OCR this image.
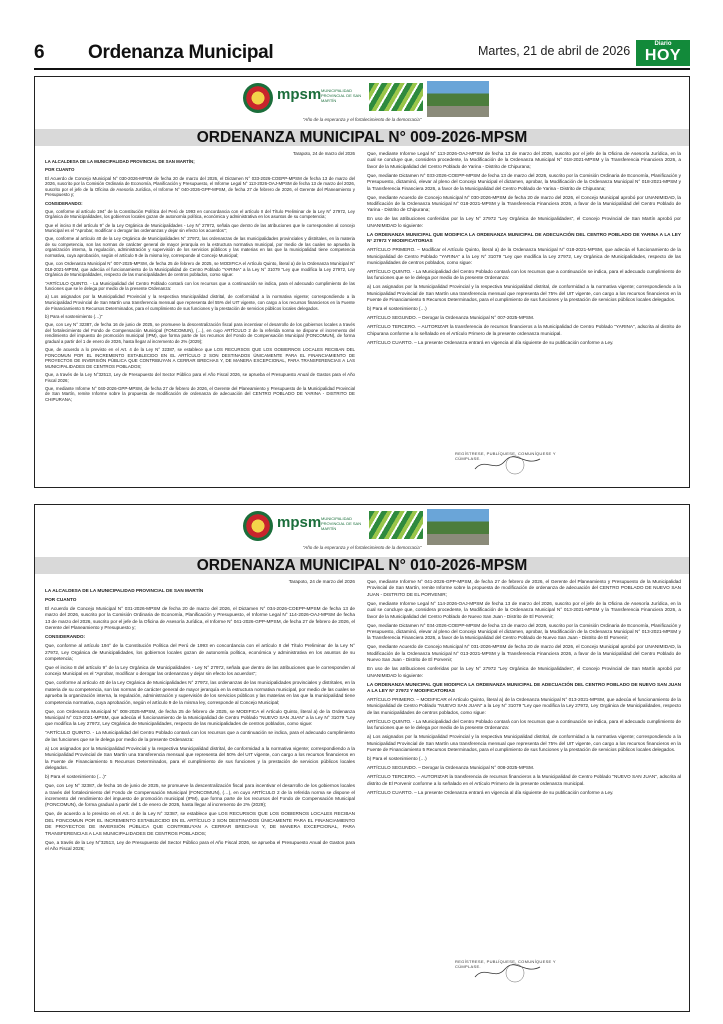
6 Ordenanza Municipal	Martes, 21 de abril de 2026	Diario
HOY
mpsm MUNICIPALIDAD PROVINCIAL DE SAN MARTÍN
"Año de la esperanza y el fortalecimiento de la democracia"
ORDENANZA MUNICIPAL N° 009-2026-MPSM

Tarapoto, 24 de marzo del 2026

LA ALCALDESA DE LA MUNICIPALIDAD PROVINCIAL DE SAN MARTÍN;

POR CUANTO

El Acuerdo de Concejo Municipal N° 030-2026-MPSM de fecha 20 de marzo del 2026, el Dictamen N° 033-2026-COEPP-MPSM de fecha 13 de marzo del 2026, suscrito por la Comisión Ordinaria de Economía, Planificación y Presupuesto, el Informe Legal N° 113-2026-OAJ-MPSM de fecha 13 de marzo del 2026, suscrito por el jefe de la Oficina de Asesoría Jurídica, el Informe N° 040-2026-GPP-MPSM, de fecha 27 de febrero de 2026, el Gerente del Planeamiento y Presupuesto y;

CONSIDERANDO:

Que, conforme al artículo 194° de la Constitución Política del Perú de 1993 en concordancia con el artículo II del Título Preliminar de la Ley N° 27972, Ley Orgánica de Municipalidades, los gobiernos locales gozan de autonomía política, económica y administrativa en los asuntos de su competencia;

Que el inciso 8 del artículo 9° de la Ley Orgánica de Municipalidades - Ley N° 27972, señala que dentro de las atribuciones que le corresponden al concejo Municipal es el "Aprobar, modificar o derogar las ordenanzas y dejar sin efecto los acuerdos";

Que, conforme al artículo 40 de la Ley Orgánica de Municipalidades N° 27972, las ordenanzas de las municipalidades provinciales y distritales, en la materia de su competencia, son las normas de carácter general de mayor jerarquía en la estructura normativa municipal, por medio de las cuales se aprueba la organización interna, la regulación, administración y supervisión de los servicios públicos y las materias en las que la municipalidad tiene competencia normativa, cuya aprobación, según el artículo 9 de la misma ley, corresponde al Concejo Municipal;

Que, con Ordenanza Municipal N° 007-2025-MPSM, de fecha 25 de febrero de 2025, se MODIFICA el Artículo Quinto, literal a) de la Ordenanza Municipal N° 018-2021-MPSM, que adecúa el funcionamiento de la Municipalidad de Centro Poblado "YARINA" a la Ley N° 31079 "Ley que modifica la Ley 27972, Ley Orgánica de Municipalidades, respecto de las municipalidades de centros poblados, como sigue:

"ARTÍCULO QUINTO. - La Municipalidad del Centro Poblado contará con los recursos que a continuación se indica, para el adecuado cumplimiento de las funciones que se le delega por medio de la presente Ordenanza:

a) Los asignados por la Municipalidad Provincial y la respectiva Municipalidad distrital, de conformidad a la normativa vigente; correspondiendo a la Municipalidad Provincial de San Martín una transferencia mensual que representa del 55% del UIT vigente, con cargo a los recursos financieros en la Fuente de Financiamiento 5 Recursos Determinados, para el cumplimiento de sus funciones y la prestación de servicios públicos locales delegados.

b) Para el sostenimiento (…)"

Que, con Ley N° 32387, de fecha 16 de junio de 2025, se promueve la descentralización fiscal para incentivar el desarrollo de los gobiernos locales a través del fortalecimiento del Fondo de Compensación Municipal (FONCOMUN), (…), en cuyo ARTÍCULO 2 de la referida norma se dispone el incremento del rendimiento del impuesto de promoción municipal (IPM), que forma parte de los recursos del Fondo de Compensación Municipal (FONCOMUN), de forma gradual a partir del 1 de enero de 2026, hasta llegar al incremento de 2% (2029);

Que, de acuerdo a lo previsto en el Art. 4 de la Ley N° 32387, se establece que LOS RECURSOS QUE LOS GOBIERNOS LOCALES RECIBAN DEL FONCOMUN POR EL INCREMENTO ESTABLECIDO EN EL ARTÍCULO 2 SON DESTINADOS ÚNICAMENTE PARA EL FINANCIAMIENTO DE PROYECTOS DE INVERSIÓN PÚBLICA QUE CONTRIBUYAN A CERRAR BRECHAS Y, DE MANERA EXCEPCIONAL, PARA TRANSFERENCIAS A LAS MUNICIPALIDADES DE CENTROS POBLADOS;

Que, a través de la Ley N°32513, Ley de Presupuesto del Sector Público para el Año Fiscal 2026, se aprueba el Presupuesto Anual de Gastos para el Año Fiscal 2026;

Que, mediante Informe N° 040-2026-GPP-MPSM, de fecha 27 de febrero de 2026, el Gerente del Planeamiento y Presupuesto de la Municipalidad Provincial de San Martín, remite Informe sobre la propuesta de modificación de ordenanza de adecuación del CENTRO POBLADO DE YARINA - DISTRITO DE CHIPURANA;

Que, mediante Informe Legal N° 113-2026-OAJ-MPSM de fecha 13 de marzo del 2026, suscrito por el jefe de la Oficina de Asesoría Jurídica, en la cual se concluye que, considera procedente, la Modificación de la Ordenanza Municipal N° 018-2021-MPSM y la Transferencia Financiera 2026, a favor de la Municipalidad del Centro Poblado de Yarina - Distrito de Chipurana;

Que, mediante Dictamen N° 033-2026-COEPP-MPSM de fecha 13 de marzo del 2026, suscrito por la Comisión Ordinaria de Economía, Planificación y Presupuesto, dictaminó, elevar al pleno del Concejo Municipal el dictamen, aprobar, la Modificación de la Ordenanza Municipal N° 018-2021-MPSM y la Transferencia Financiera 2026, a favor de la Municipalidad del Centro Poblado de Yarina - Distrito de Chipurana;

Que, mediante Acuerdo de Concejo Municipal N° 030-2026-MPSM de fecha 20 de marzo del 2026, el Concejo Municipal aprobó por UNANIMIDAD, la Modificación de la Ordenanza Municipal N° 018-2021-MPSM y la Transferencia Financiera 2026, a favor de la Municipalidad del Centro Poblado de Yarina - Distrito de Chipurana;

En uso de las atribuciones conferidas por la Ley N° 27972 "Ley Orgánica de Municipalidades", el Concejo Provincial de San Martín aprobó por UNANIMIDAD lo siguiente:

LA ORDENANZA MUNICIPAL QUE MODIFICA LA ORDENANZA MUNICIPAL DE ADECUACIÓN DEL CENTRO POBLADO DE YARINA A LA LEY N° 27972 Y MODIFICATORIAS

ARTÍCULO PRIMERO. – Modificar el Artículo Quinto, literal a) de la Ordenanza Municipal N° 018-2021-MPSM, que adecúa el funcionamiento de la Municipalidad de Centro Poblado "YARINA" a la Ley N° 31079 "Ley que modifica la Ley 27972, Ley Orgánica de Municipalidades, respecto de las municipalidades de centros poblados, como sigue:

ARTÍCULO QUINTO. - La Municipalidad del Centro Poblado contará con los recursos que a continuación se indica, para el adecuado cumplimiento de las funciones que se le delega por medio de la presente Ordenanza:

a) Los asignados por la Municipalidad Provincial y la respectiva Municipalidad distrital, de conformidad a la normativa vigente; correspondiendo a la Municipalidad Provincial de San Martín una transferencia mensual que representa del 75% del UIT vigente, con cargo a los recursos financieros en la Fuente de Financiamiento 5 Recursos Determinados, para el cumplimiento de sus funciones y la prestación de servicios públicos locales delegados.

b) Para el sostenimiento (…)

ARTÍCULO SEGUNDO. – Derogar la Ordenanza Municipal N° 007-2025-MPSM.

ARTÍCULO TERCERO. – AUTORIZAR la transferencia de recursos financieros a la Municipalidad de Centro Poblado "YARINA", adscrita al distrito de Chipurana conforme a lo señalado en el Artículo Primero de la presente ordenanza municipal.

ARTÍCULO CUARTO. – La presente Ordenanza entrará en vigencia al día siguiente de su publicación conforme a Ley.

REGÍSTRESE, PUBLÍQUESE, COMUNÍQUESE Y CÚMPLASE.
mpsm MUNICIPALIDAD PROVINCIAL DE SAN MARTÍN
"Año de la esperanza y el fortalecimiento de la democracia"
ORDENANZA MUNICIPAL N° 010-2026-MPSM

Tarapoto, 24 de marzo del 2026

LA ALCALDESA DE LA MUNICIPALIDAD PROVINCIAL DE SAN MARTÍN

POR CUANTO

El Acuerdo de Concejo Municipal N° 031-2026-MPSM de fecha 20 de marzo del 2026, el Dictamen N° 034-2026-COEPP-MPSM de fecha 13 de marzo del 2026, suscrito por la Comisión Ordinaria de Economía, Planificación y Presupuesto, el Informe Legal N° 114-2026-OAJ-MPSM de fecha 13 de marzo del 2026, suscrito por el jefe de la Oficina de Asesoría Jurídica, el Informe N° 041-2026-GPP-MPSM, de fecha 27 de febrero de 2026, el Gerente del Planeamiento y Presupuesto y;

CONSIDERANDO:

Que, conforme al artículo 194° de la Constitución Política del Perú de 1993 en concordancia con el artículo II del Título Preliminar de la Ley N° 27972, Ley Orgánica de Municipalidades, los gobiernos locales gozan de autonomía política, económica y administrativa en los asuntos de su competencia;

Que el inciso 8 del artículo 9° de la Ley Orgánica de Municipalidades - Ley N° 27972, señala que dentro de las atribuciones que le corresponden al concejo Municipal es el "Aprobar, modificar o derogar las ordenanzas y dejar sin efecto los acuerdos";

Que, conforme al artículo 40 de la Ley Orgánica de Municipalidades N° 27972, las ordenanzas de las municipalidades provinciales y distritales, en la materia de su competencia, son las normas de carácter general de mayor jerarquía en la estructura normativa municipal, por medio de las cuales se aprueba la organización interna, la regulación, administración y supervisión de los servicios públicos y las materias en las que la municipalidad tiene competencia normativa, cuya aprobación, según el artículo 9 de la misma ley, corresponde al Concejo Municipal;

Que, con Ordenanza Municipal N° 008-2025-MPSM, de fecha 25 de febrero de 2025, se MODIFICA el Artículo Quinto, literal a) de la Ordenanza Municipal N° 013-2021-MPSM, que adecúa el funcionamiento de la Municipalidad de Centro Poblado "NUEVO SAN JUAN" a la Ley N° 31079 "Ley que modifica la Ley 27972, Ley Orgánica de Municipalidades, respecto de las municipalidades de centros poblados, como sigue:

"ARTÍCULO QUINTO. - La Municipalidad del Centro Poblado contará con los recursos que a continuación se indica, para el adecuado cumplimiento de las funciones que se le delega por medio de la presente Ordenanza:

a) Los asignados por la Municipalidad Provincial y la respectiva Municipalidad distrital, de conformidad a la normativa vigente; correspondiendo a la Municipalidad Provincial de San Martín una transferencia mensual que representa del 50% del UIT vigente, con cargo a los recursos financieros en la Fuente de Financiamiento 5 Recursos Determinados, para el cumplimiento de sus funciones y la prestación de servicios públicos locales delegados.

b) Para el sostenimiento (…)"

Que, con Ley N° 32387, de fecha 16 de junio de 2025, se promueve la descentralización fiscal para incentivar el desarrollo de los gobiernos locales a través del fortalecimiento del Fondo de Compensación Municipal (FONCOMUN), (…), en cuyo ARTÍCULO 2 de la referida norma se dispone el incremento del rendimiento del impuesto de promoción municipal (IPM), que forma parte de los recursos del Fondo de Compensación Municipal (FONCOMUN), de forma gradual a partir del 1 de enero de 2026, hasta llegar al incremento de 2% (2029);

Que, de acuerdo a lo previsto en el Art. 4 de la Ley N° 32387, se establece que LOS RECURSOS QUE LOS GOBIERNOS LOCALES RECIBAN DEL FONCOMUN POR EL INCREMENTO ESTABLECIDO EN EL ARTÍCULO 2 SON DESTINADOS ÚNICAMENTE PARA EL FINANCIAMIENTO DE PROYECTOS DE INVERSIÓN PÚBLICA QUE CONTRIBUYAN A CERRAR BRECHAS Y, DE MANERA EXCEPCIONAL, PARA TRANSFERENCIAS A LAS MUNICIPALIDADES DE CENTROS POBLADOS;

Que, a través de la Ley N°32513, Ley de Presupuesto del Sector Público para el Año Fiscal 2026, se aprueba el Presupuesto Anual de Gastos para el Año Fiscal 2026;

Que, mediante Informe N° 041-2026-GPP-MPSM, de fecha 27 de febrero de 2026, el Gerente del Planeamiento y Presupuesto de la Municipalidad Provincial de San Martín, remite Informe sobre la propuesta de modificación de ordenanza de adecuación del CENTRO POBLADO DE NUEVO SAN JUAN - DISTRITO DE EL PORVENIR;

Que, mediante Informe Legal N° 114-2026-OAJ-MPSM de fecha 13 de marzo del 2026, suscrito por el jefe de la Oficina de Asesoría Jurídica, en la cual se concluye que, considera procedente, la Modificación de la Ordenanza Municipal N° 013-2021-MPSM y la Transferencia Financiera 2026, a favor de la Municipalidad del Centro Poblado de Nuevo San Juan - Distrito de El Porvenir;

Que, mediante Dictamen N° 034-2026-COEPP-MPSM de fecha 13 de marzo del 2026, suscrito por la Comisión Ordinaria de Economía, Planificación y Presupuesto, dictaminó, elevar al pleno del Concejo Municipal el dictamen, aprobar, la Modificación de la Ordenanza Municipal N° 013-2021-MPSM y la Transferencia Financiera 2026, a favor de la Municipalidad del Centro Poblado de Nuevo San Juan - Distrito de El Porvenir;

Que, mediante Acuerdo de Concejo Municipal N° 031-2026-MPSM de fecha 20 de marzo del 2026, el Concejo Municipal aprobó por UNANIMIDAD, la Modificación de la Ordenanza Municipal N° 013-2021-MPSM y la Transferencia Financiera 2026, a favor de la Municipalidad del Centro Poblado de Nuevo San Juan - Distrito de El Porvenir;

En uso de las atribuciones conferidas por la Ley N° 27972 "Ley Orgánica de Municipalidades", el Concejo Provincial de San Martín aprobó por UNANIMIDAD lo siguiente:

LA ORDENANZA MUNICIPAL QUE MODIFICA LA ORDENANZA MUNICIPAL DE ADECUACIÓN DEL CENTRO POBLADO DE NUEVO SAN JUAN A LA LEY N° 27972 Y MODIFICATORIAS

ARTÍCULO PRIMERO. – MODIFICAR el Artículo Quinto, literal a) de la Ordenanza Municipal N° 013-2021-MPSM, que adecúa el funcionamiento de la Municipalidad de Centro Poblado "NUEVO SAN JUAN" a la Ley N° 31079 "Ley que modifica la Ley 27972, Ley Orgánica de Municipalidades, respecto de las municipalidades de centros poblados, como sigue:

ARTÍCULO QUINTO. - La Municipalidad del Centro Poblado contará con los recursos que a continuación se indica, para el adecuado cumplimiento de las funciones que se le delega por medio de la presente Ordenanza:

a) Los asignados por la Municipalidad Provincial y la respectiva Municipalidad distrital, de conformidad a la normativa vigente; correspondiendo a la Municipalidad Provincial de San Martín una transferencia mensual que representa del 75% del UIT vigente, con cargo a los recursos financieros en la Fuente de Financiamiento 5 Recursos Determinados, para el cumplimiento de sus funciones y la prestación de servicios públicos locales delegados.

b) Para el sostenimiento (…)

ARTÍCULO SEGUNDO. – Derogar la Ordenanza Municipal N° 008-2025-MPSM.

ARTÍCULO TERCERO. – AUTORIZAR la transferencia de recursos financieros a la Municipalidad de Centro Poblado "NUEVO SAN JUAN", adscrita al distrito de El Porvenir conforme a lo señalado en el Artículo Primero de la presente ordenanza municipal.

ARTÍCULO CUARTO. – La presente Ordenanza entrará en vigencia al día siguiente de su publicación conforme a Ley.

REGÍSTRESE, PUBLÍQUESE, COMUNÍQUESE Y CÚMPLASE.
